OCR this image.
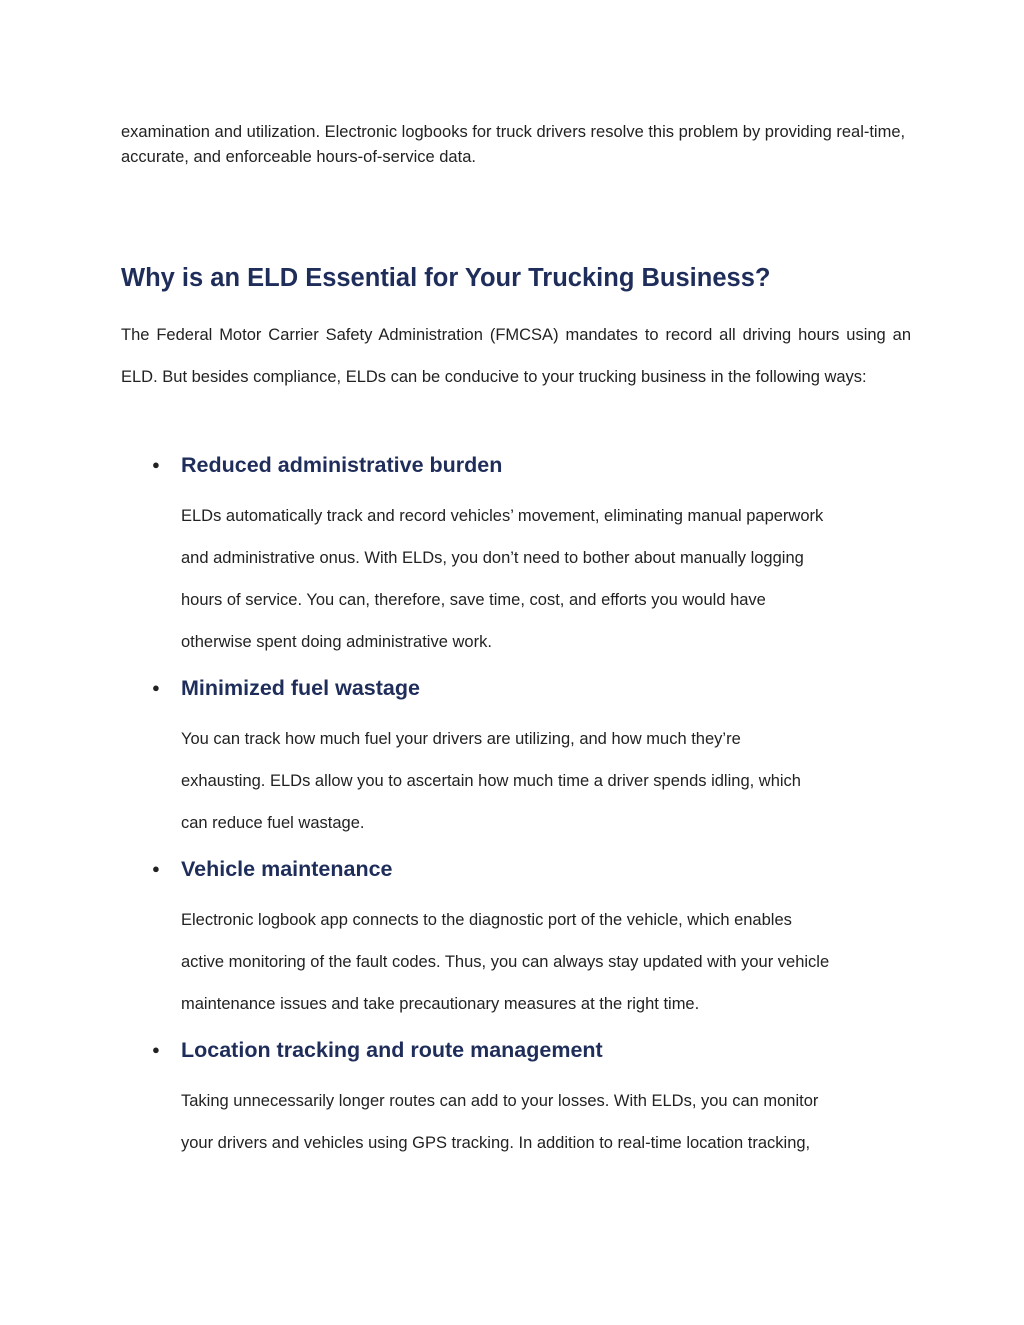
examination and utilization. Electronic logbooks for truck drivers resolve this problem by providing real-time, accurate, and enforceable hours-of-service data.

Why is an ELD Essential for Your Trucking Business?

The Federal Motor Carrier Safety Administration (FMCSA) mandates to record all driving hours using an ELD. But besides compliance, ELDs can be conducive to your trucking business in the following ways:

● Reduced administrative burden
ELDs automatically track and record vehicles’ movement, eliminating manual paperwork
and administrative onus. With ELDs, you don’t need to bother about manually logging
hours of service. You can, therefore, save time, cost, and efforts you would have
otherwise spent doing administrative work.
● Minimized fuel wastage
You can track how much fuel your drivers are utilizing, and how much they’re
exhausting. ELDs allow you to ascertain how much time a driver spends idling, which
can reduce fuel wastage.
● Vehicle maintenance
Electronic logbook app connects to the diagnostic port of the vehicle, which enables
active monitoring of the fault codes. Thus, you can always stay updated with your vehicle
maintenance issues and take precautionary measures at the right time.
● Location tracking and route management
Taking unnecessarily longer routes can add to your losses. With ELDs, you can monitor
your drivers and vehicles using GPS tracking. In addition to real-time location tracking,
